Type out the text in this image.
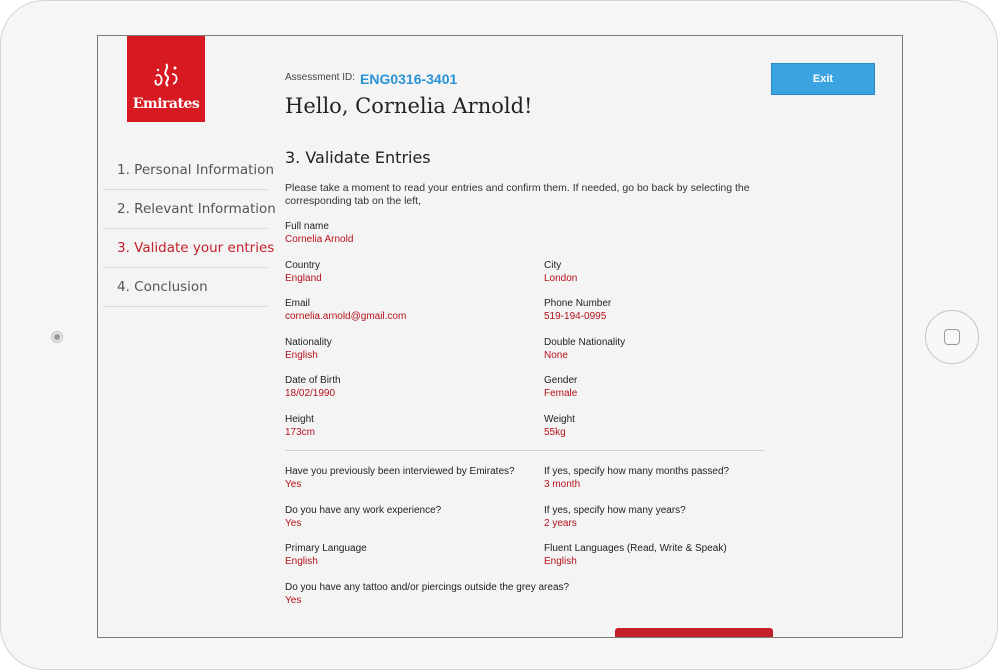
Emirates
1. Personal Information
2. Relevant Information
3. Validate your entries
4. Conclusion
Assessment ID: ENG0316-3401
Hello, Cornelia Arnold!
Exit
3. Validate Entries
Please take a moment to read your entries and confirm them. If needed, go bo back by selecting the corresponding tab on the left,
Full name
Cornelia Arnold
Country
England
City
London
Email
cornelia.arnold@gmail.com
Phone Number
519-194-0995
Nationality
English
Double Nationality
None
Date of Birth
18/02/1990
Gender
Female
Height
173cm
Weight
55kg
Have you previously been interviewed by Emirates?
Yes
If yes, specify how many months passed?
3 month
Do you have any work experience?
Yes
If yes, specify how many years?
2 years
Primary Language
English
Fluent Languages (Read, Write & Speak)
English
Do you have any tattoo and/or piercings outside the grey areas?
Yes
